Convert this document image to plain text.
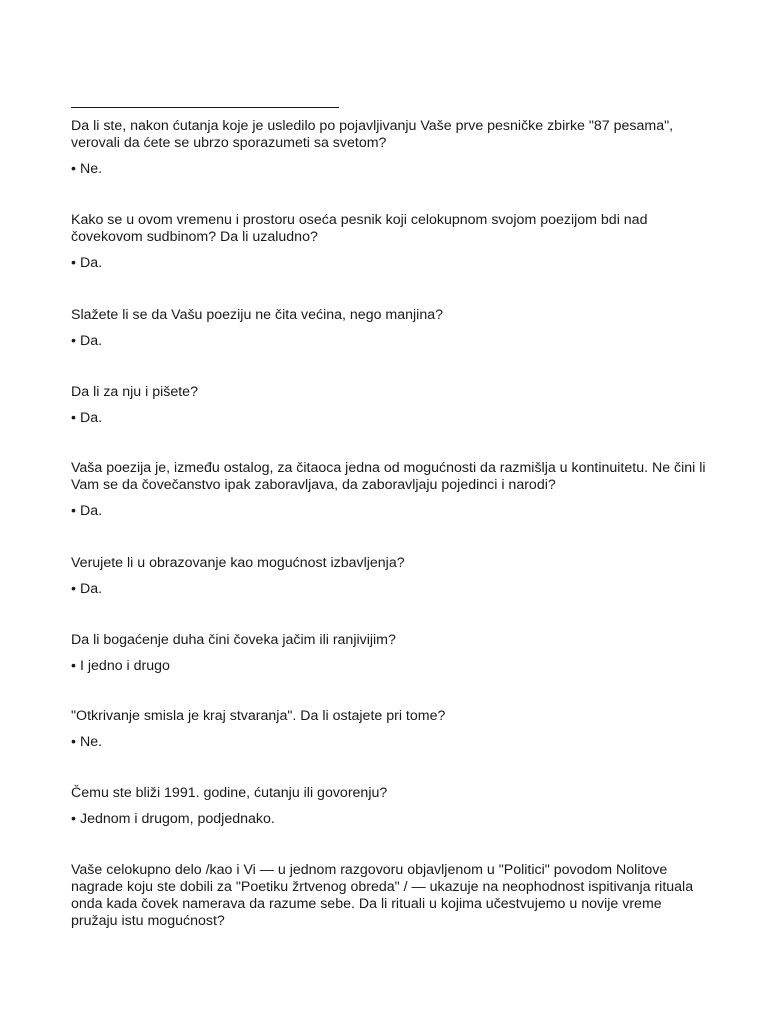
Da li ste, nakon ćutanja koje je usledilo po pojavljivanju Vaše prve pesničke zbirke "87 pesama", verovali da ćete se ubrzo sporazumeti sa svetom?

• Ne.

Kako se u ovom vremenu i prostoru oseća pesnik koji celokupnom svojom poezijom bdi nad čovekovom sudbinom? Da li uzaludno?

• Da.

Slažete li se da Vašu poeziju ne čita većina, nego manjina?

• Da.

Da li za nju i pišete?

• Da.

Vaša poezija je, između ostalog, za čitaoca jedna od mogućnosti da razmišlja u kontinuitetu. Ne čini li Vam se da čovečanstvo ipak zaboravljava, da zaboravljaju pojedinci i narodi?

• Da.

Verujete li u obrazovanje kao mogućnost izbavljenja?

• Da.

Da li bogaćenje duha čini čoveka jačim ili ranjivijim?

• I jedno i drugo

"Otkrivanje smisla je kraj stvaranja". Da li ostajete pri tome?

• Ne.

Čemu ste bliži 1991. godine, ćutanju ili govorenju?

• Jednom i drugom, podjednako.

Vaše celokupno delo /kao i Vi — u jednom razgovoru objavljenom u "Politici" povodom Nolitove nagrade koju ste dobili za "Poetiku žrtvenog obreda" / — ukazuje na neophodnost ispitivanja rituala onda kada čovek namerava da razume sebe. Da li rituali u kojima učestvujemo u novije vreme pružaju istu mogućnost?
